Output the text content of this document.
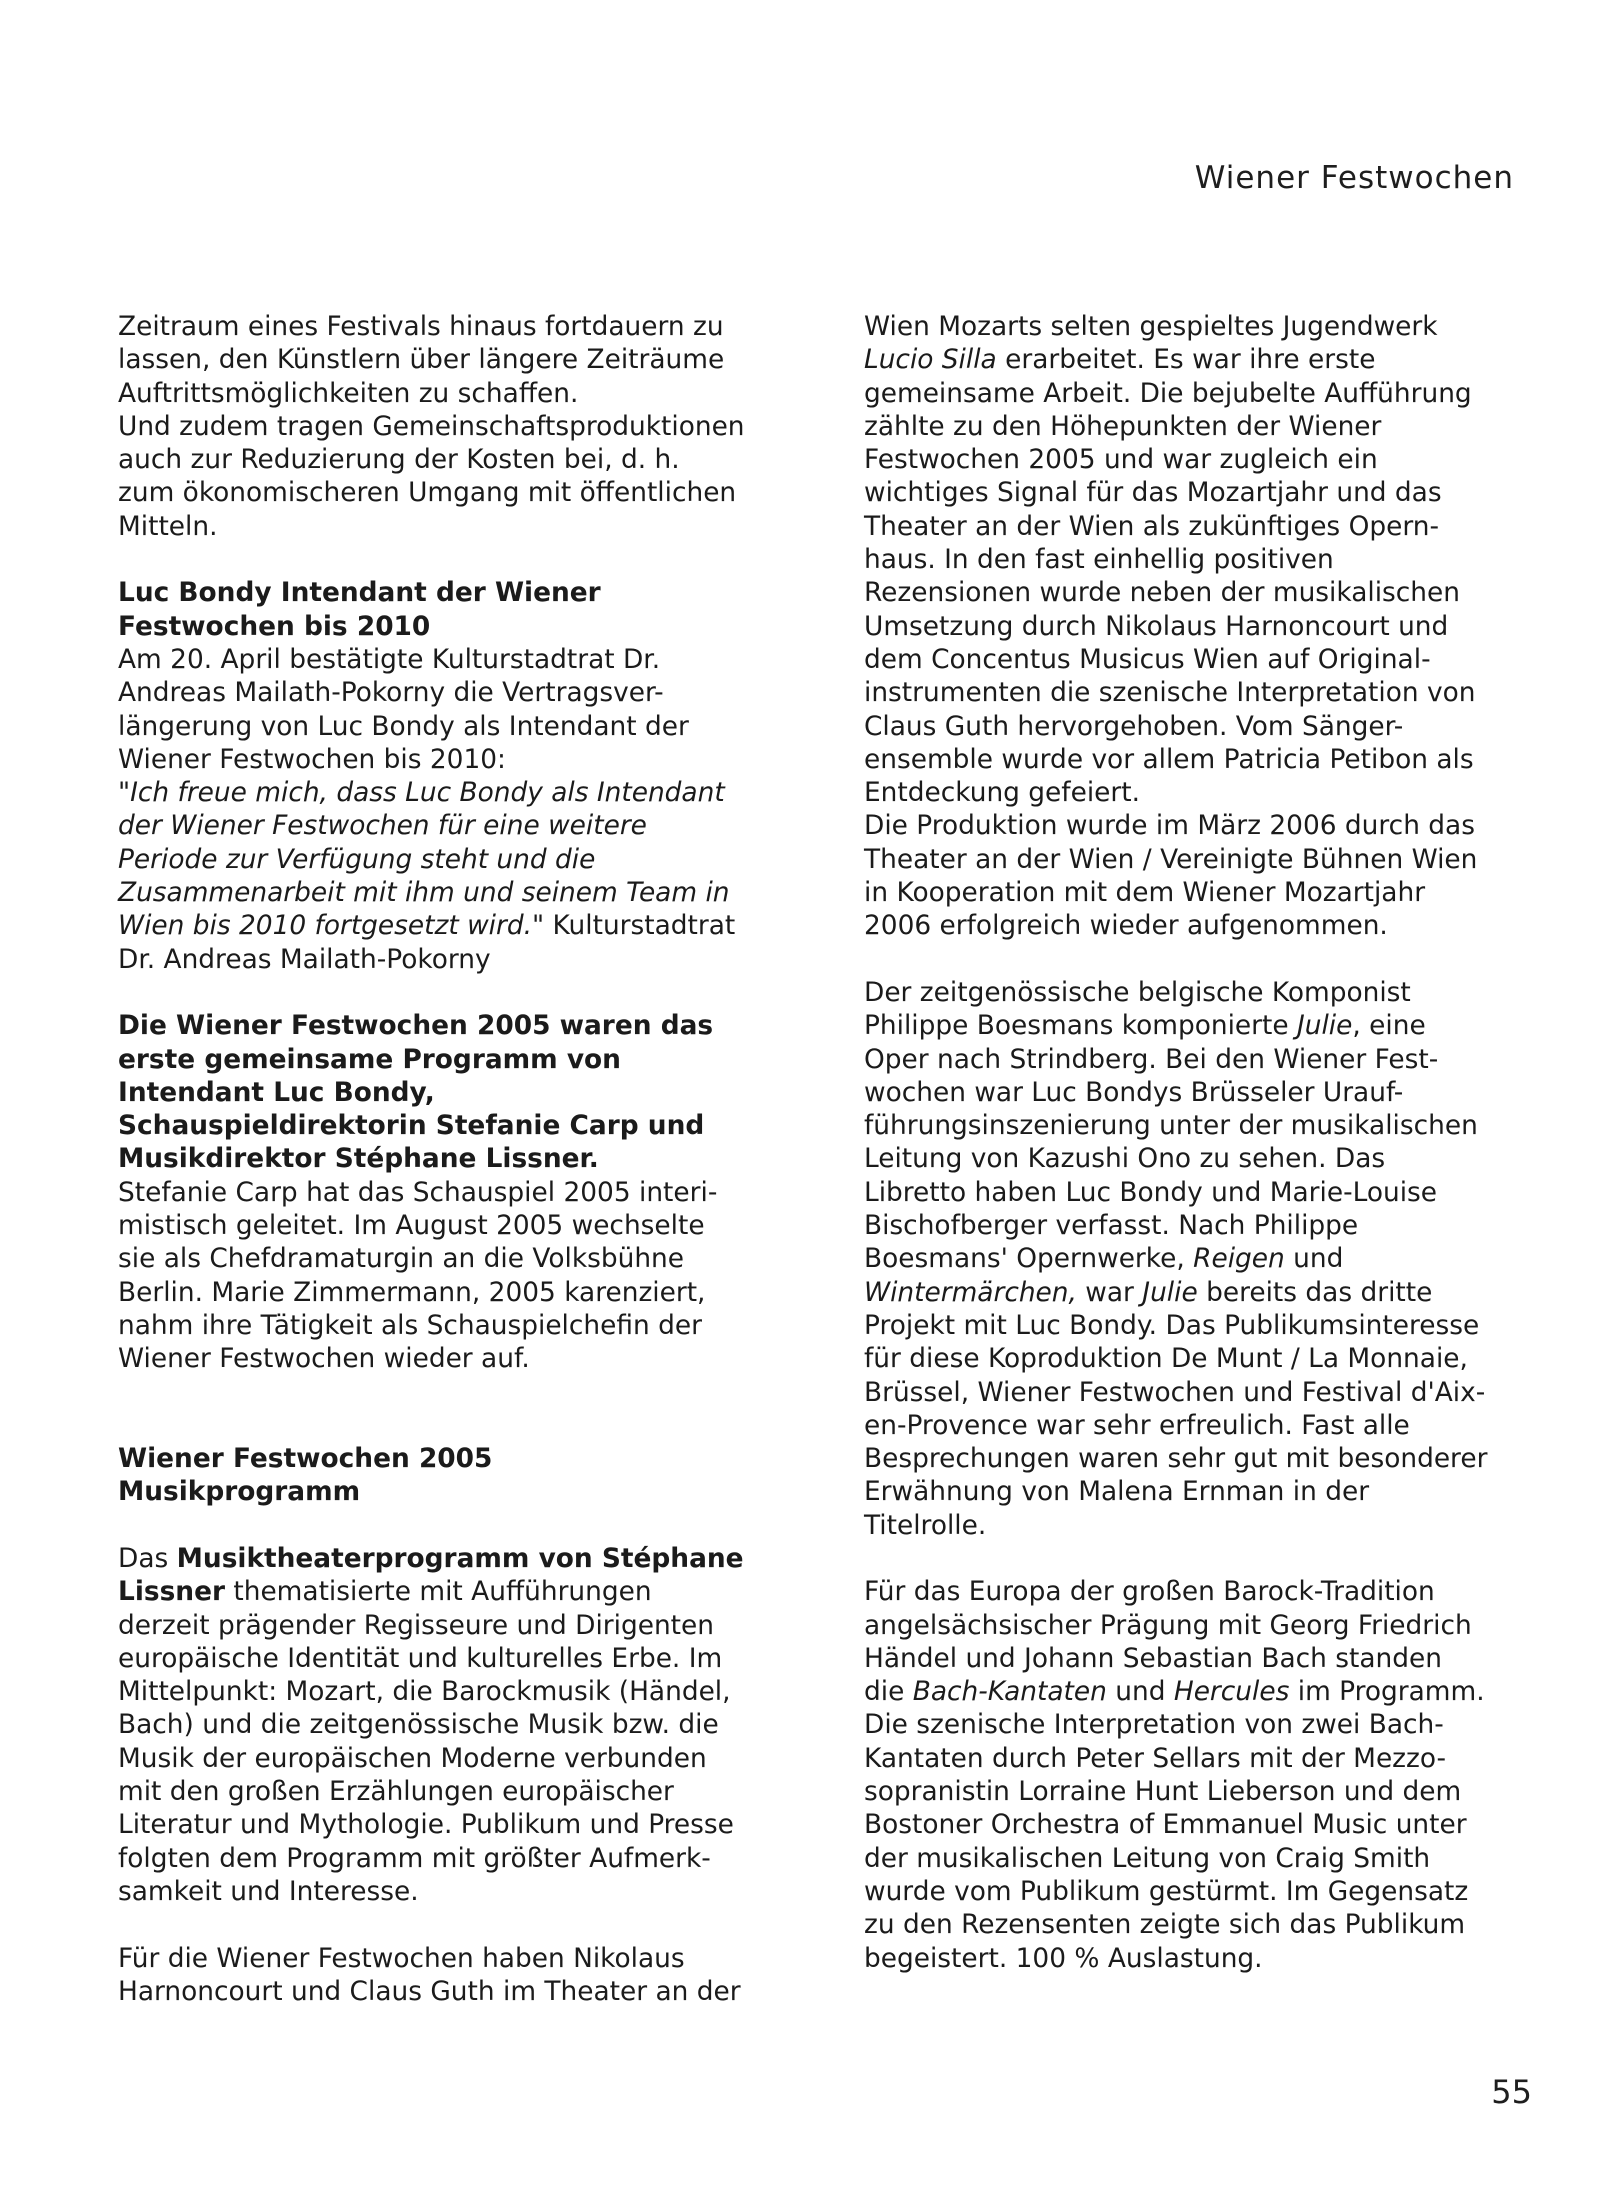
Wiener Festwochen
Zeitraum eines Festivals hinaus fortdauern zu
lassen, den Künstlern über längere Zeiträume
Auftrittsmöglichkeiten zu schaffen.
Und zudem tragen Gemeinschaftsproduktionen
auch zur Reduzierung der Kosten bei, d. h.
zum ökonomischeren Umgang mit öffentlichen
Mitteln.
Luc Bondy Intendant der Wiener
Festwochen bis 2010
Am 20. April bestätigte Kulturstadtrat Dr.
Andreas Mailath-Pokorny die Vertragsver-
längerung von Luc Bondy als Intendant der
Wiener Festwochen bis 2010:
"Ich freue mich, dass Luc Bondy als Intendant
der Wiener Festwochen für eine weitere
Periode zur Verfügung steht und die
Zusammenarbeit mit ihm und seinem Team in
Wien bis 2010 fortgesetzt wird." Kulturstadtrat
Dr. Andreas Mailath-Pokorny
Die Wiener Festwochen 2005 waren das
erste gemeinsame Programm von
Intendant Luc Bondy,
Schauspieldirektorin Stefanie Carp und
Musikdirektor Stéphane Lissner.
Stefanie Carp hat das Schauspiel 2005 interi-
mistisch geleitet. Im August 2005 wechselte
sie als Chefdramaturgin an die Volksbühne
Berlin. Marie Zimmermann, 2005 karenziert,
nahm ihre Tätigkeit als Schauspielchefin der
Wiener Festwochen wieder auf.
Wiener Festwochen 2005
Musikprogramm
Das Musiktheaterprogramm von Stéphane
Lissner thematisierte mit Aufführungen
derzeit prägender Regisseure und Dirigenten
europäische Identität und kulturelles Erbe. Im
Mittelpunkt: Mozart, die Barockmusik (Händel,
Bach) und die zeitgenössische Musik bzw. die
Musik der europäischen Moderne verbunden
mit den großen Erzählungen europäischer
Literatur und Mythologie. Publikum und Presse
folgten dem Programm mit größter Aufmerk-
samkeit und Interesse.
Für die Wiener Festwochen haben Nikolaus
Harnoncourt und Claus Guth im Theater an der
Wien Mozarts selten gespieltes Jugendwerk
Lucio Silla erarbeitet. Es war ihre erste
gemeinsame Arbeit. Die bejubelte Aufführung
zählte zu den Höhepunkten der Wiener
Festwochen 2005 und war zugleich ein
wichtiges Signal für das Mozartjahr und das
Theater an der Wien als zukünftiges Opern-
haus. In den fast einhellig positiven
Rezensionen wurde neben der musikalischen
Umsetzung durch Nikolaus Harnoncourt und
dem Concentus Musicus Wien auf Original-
instrumenten die szenische Interpretation von
Claus Guth hervorgehoben. Vom Sänger-
ensemble wurde vor allem Patricia Petibon als
Entdeckung gefeiert.
Die Produktion wurde im März 2006 durch das
Theater an der Wien / Vereinigte Bühnen Wien
in Kooperation mit dem Wiener Mozartjahr
2006 erfolgreich wieder aufgenommen.
Der zeitgenössische belgische Komponist
Philippe Boesmans komponierte Julie, eine
Oper nach Strindberg. Bei den Wiener Fest-
wochen war Luc Bondys Brüsseler Urauf-
führungsinszenierung unter der musikalischen
Leitung von Kazushi Ono zu sehen. Das
Libretto haben Luc Bondy und Marie-Louise
Bischofberger verfasst. Nach Philippe
Boesmans' Opernwerke, Reigen und
Wintermärchen, war Julie bereits das dritte
Projekt mit Luc Bondy. Das Publikumsinteresse
für diese Koproduktion De Munt / La Monnaie,
Brüssel, Wiener Festwochen und Festival d'Aix-
en-Provence war sehr erfreulich. Fast alle
Besprechungen waren sehr gut mit besonderer
Erwähnung von Malena Ernman in der
Titelrolle.
Für das Europa der großen Barock-Tradition
angelsächsischer Prägung mit Georg Friedrich
Händel und Johann Sebastian Bach standen
die Bach-Kantaten und Hercules im Programm.
Die szenische Interpretation von zwei Bach-
Kantaten durch Peter Sellars mit der Mezzo-
sopranistin Lorraine Hunt Lieberson und dem
Bostoner Orchestra of Emmanuel Music unter
der musikalischen Leitung von Craig Smith
wurde vom Publikum gestürmt. Im Gegensatz
zu den Rezensenten zeigte sich das Publikum
begeistert. 100 % Auslastung.
55
